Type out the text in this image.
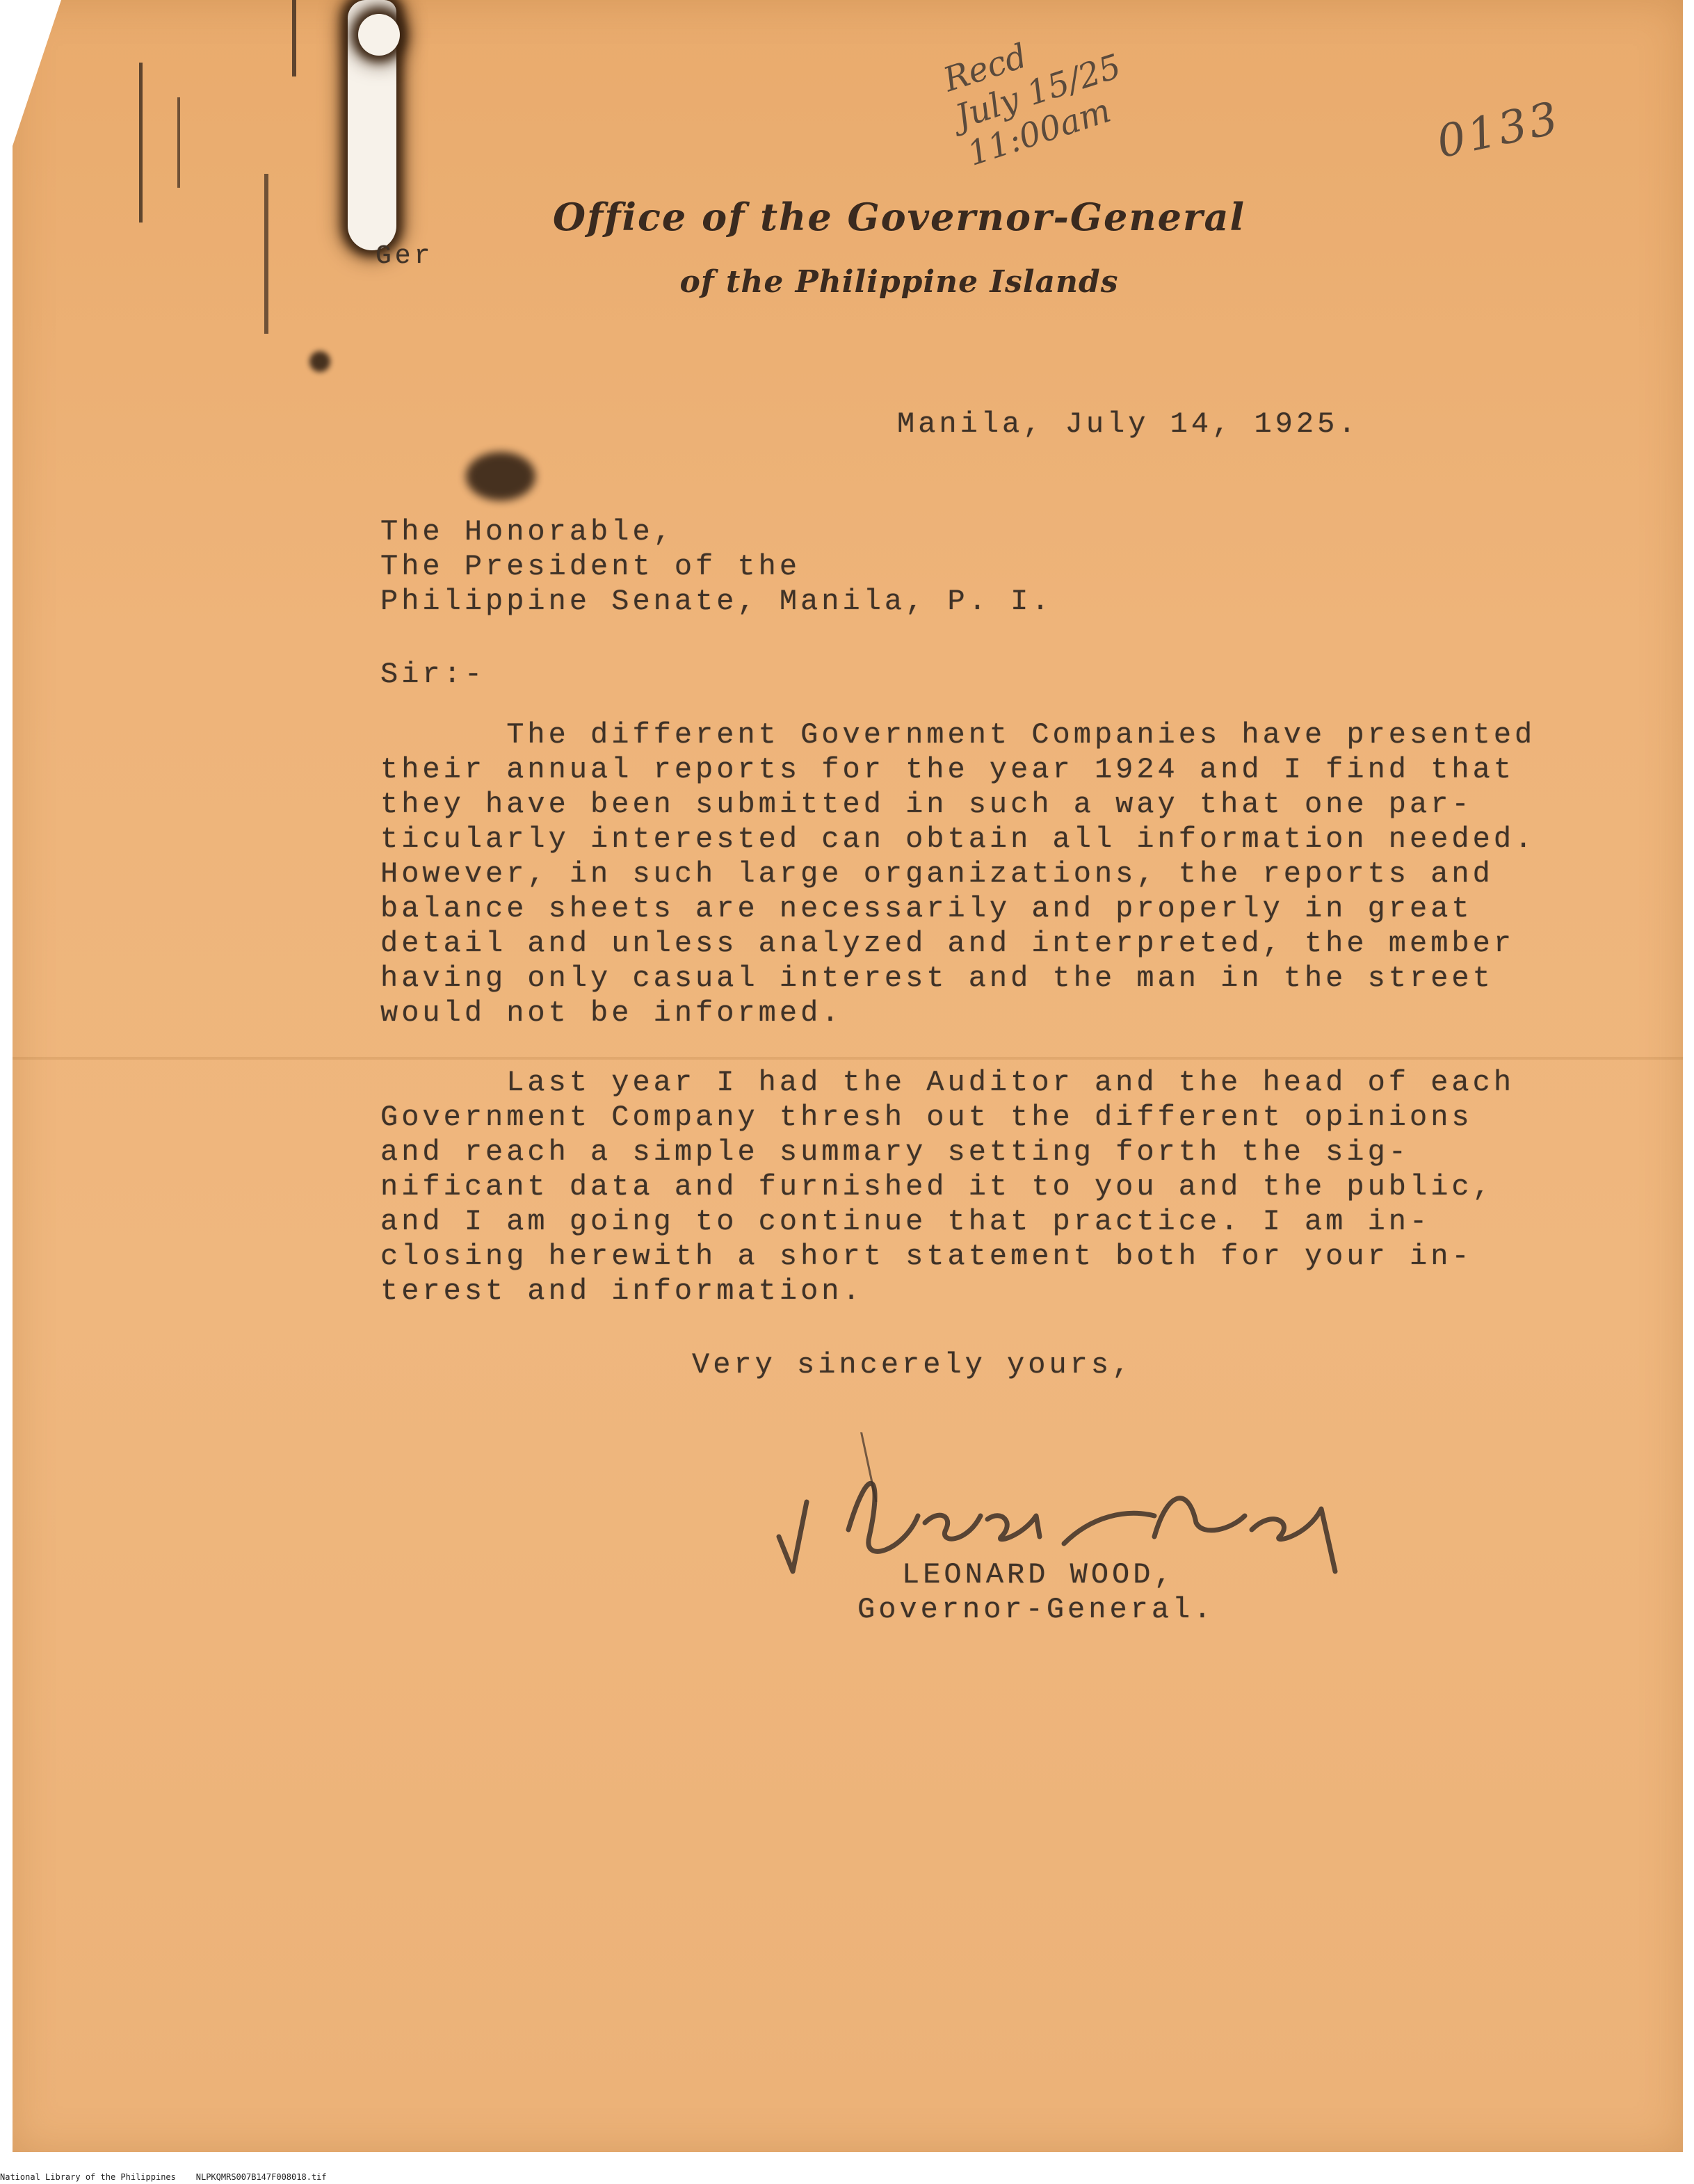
Recd
July 15/25
11:00am	0133
Ger
Office of the Governor-General
of the Philippine Islands
Manila, July 14, 1925.
The Honorable,
The President of the
Philippine Senate, Manila, P. I.
Sir:-
The different Government Companies have presented
their annual reports for the year 1924 and I find that
they have been submitted in such a way that one par-
ticularly interested can obtain all information needed.
However, in such large organizations, the reports and
balance sheets are necessarily and properly in great
detail and unless analyzed and interpreted, the member
having only casual interest and the man in the street
would not be informed.
Last year I had the Auditor and the head of each
Government Company thresh out the different opinions
and reach a simple summary setting forth the sig-
nificant data and furnished it to you and the public,
and I am going to continue that practice. I am in-
closing herewith a short statement both for your in-
terest and information.
Very sincerely yours,
LEONARD WOOD,
Governor-General.
National Library of the Philippines    NLPKQMRS007B147F008018.tif
